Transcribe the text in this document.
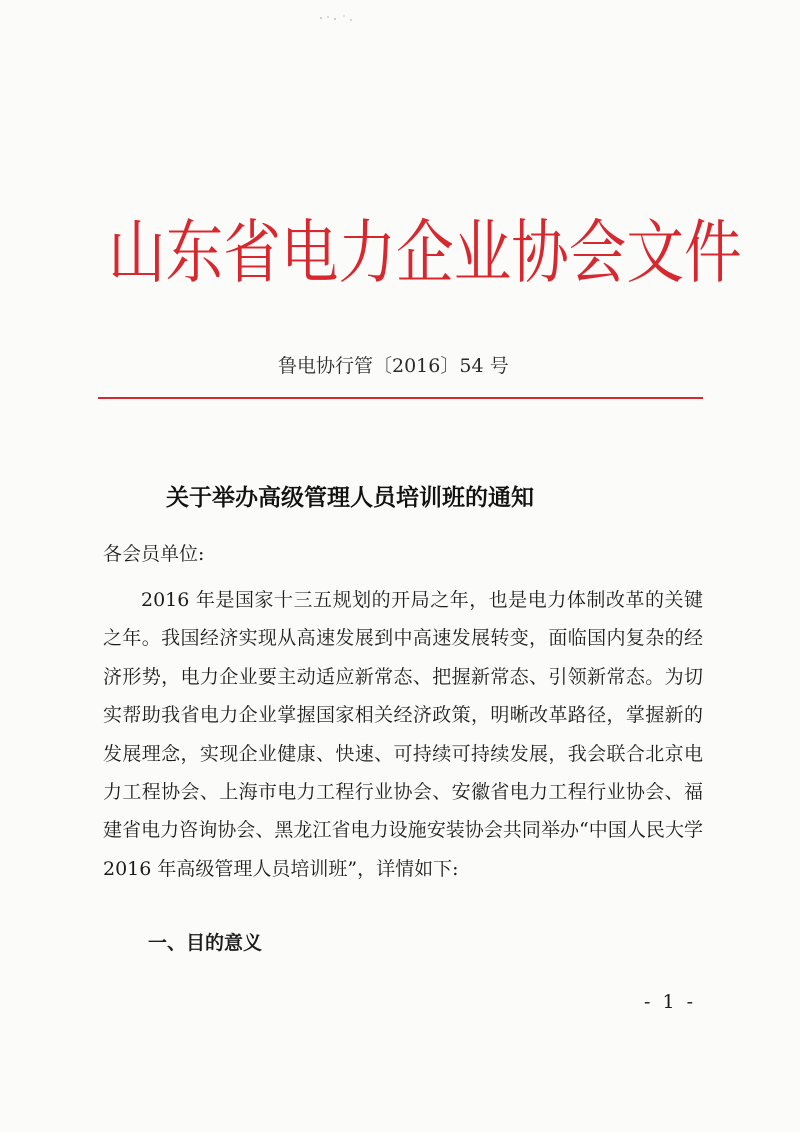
山东省电力企业协会文件
鲁电协行管〔2016〕54 号
关于举办高级管理人员培训班的通知
各会员单位:

2016 年是国家十三五规划的开局之年，也是电力体制改革的关键之年。我国经济实现从高速发展到中高速发展转变，面临国内复杂的经济形势，电力企业要主动适应新常态、把握新常态、引领新常态。为切实帮助我省电力企业掌握国家相关经济政策，明晰改革路径，掌握新的发展理念，实现企业健康、快速、可持续可持续发展，我会联合北京电力工程协会、上海市电力工程行业协会、安徽省电力工程行业协会、福建省电力咨询协会、黑龙江省电力设施安装协会共同举办“中国人民大学 2016 年高级管理人员培训班”，详情如下:

一、目的意义
- 1 -
